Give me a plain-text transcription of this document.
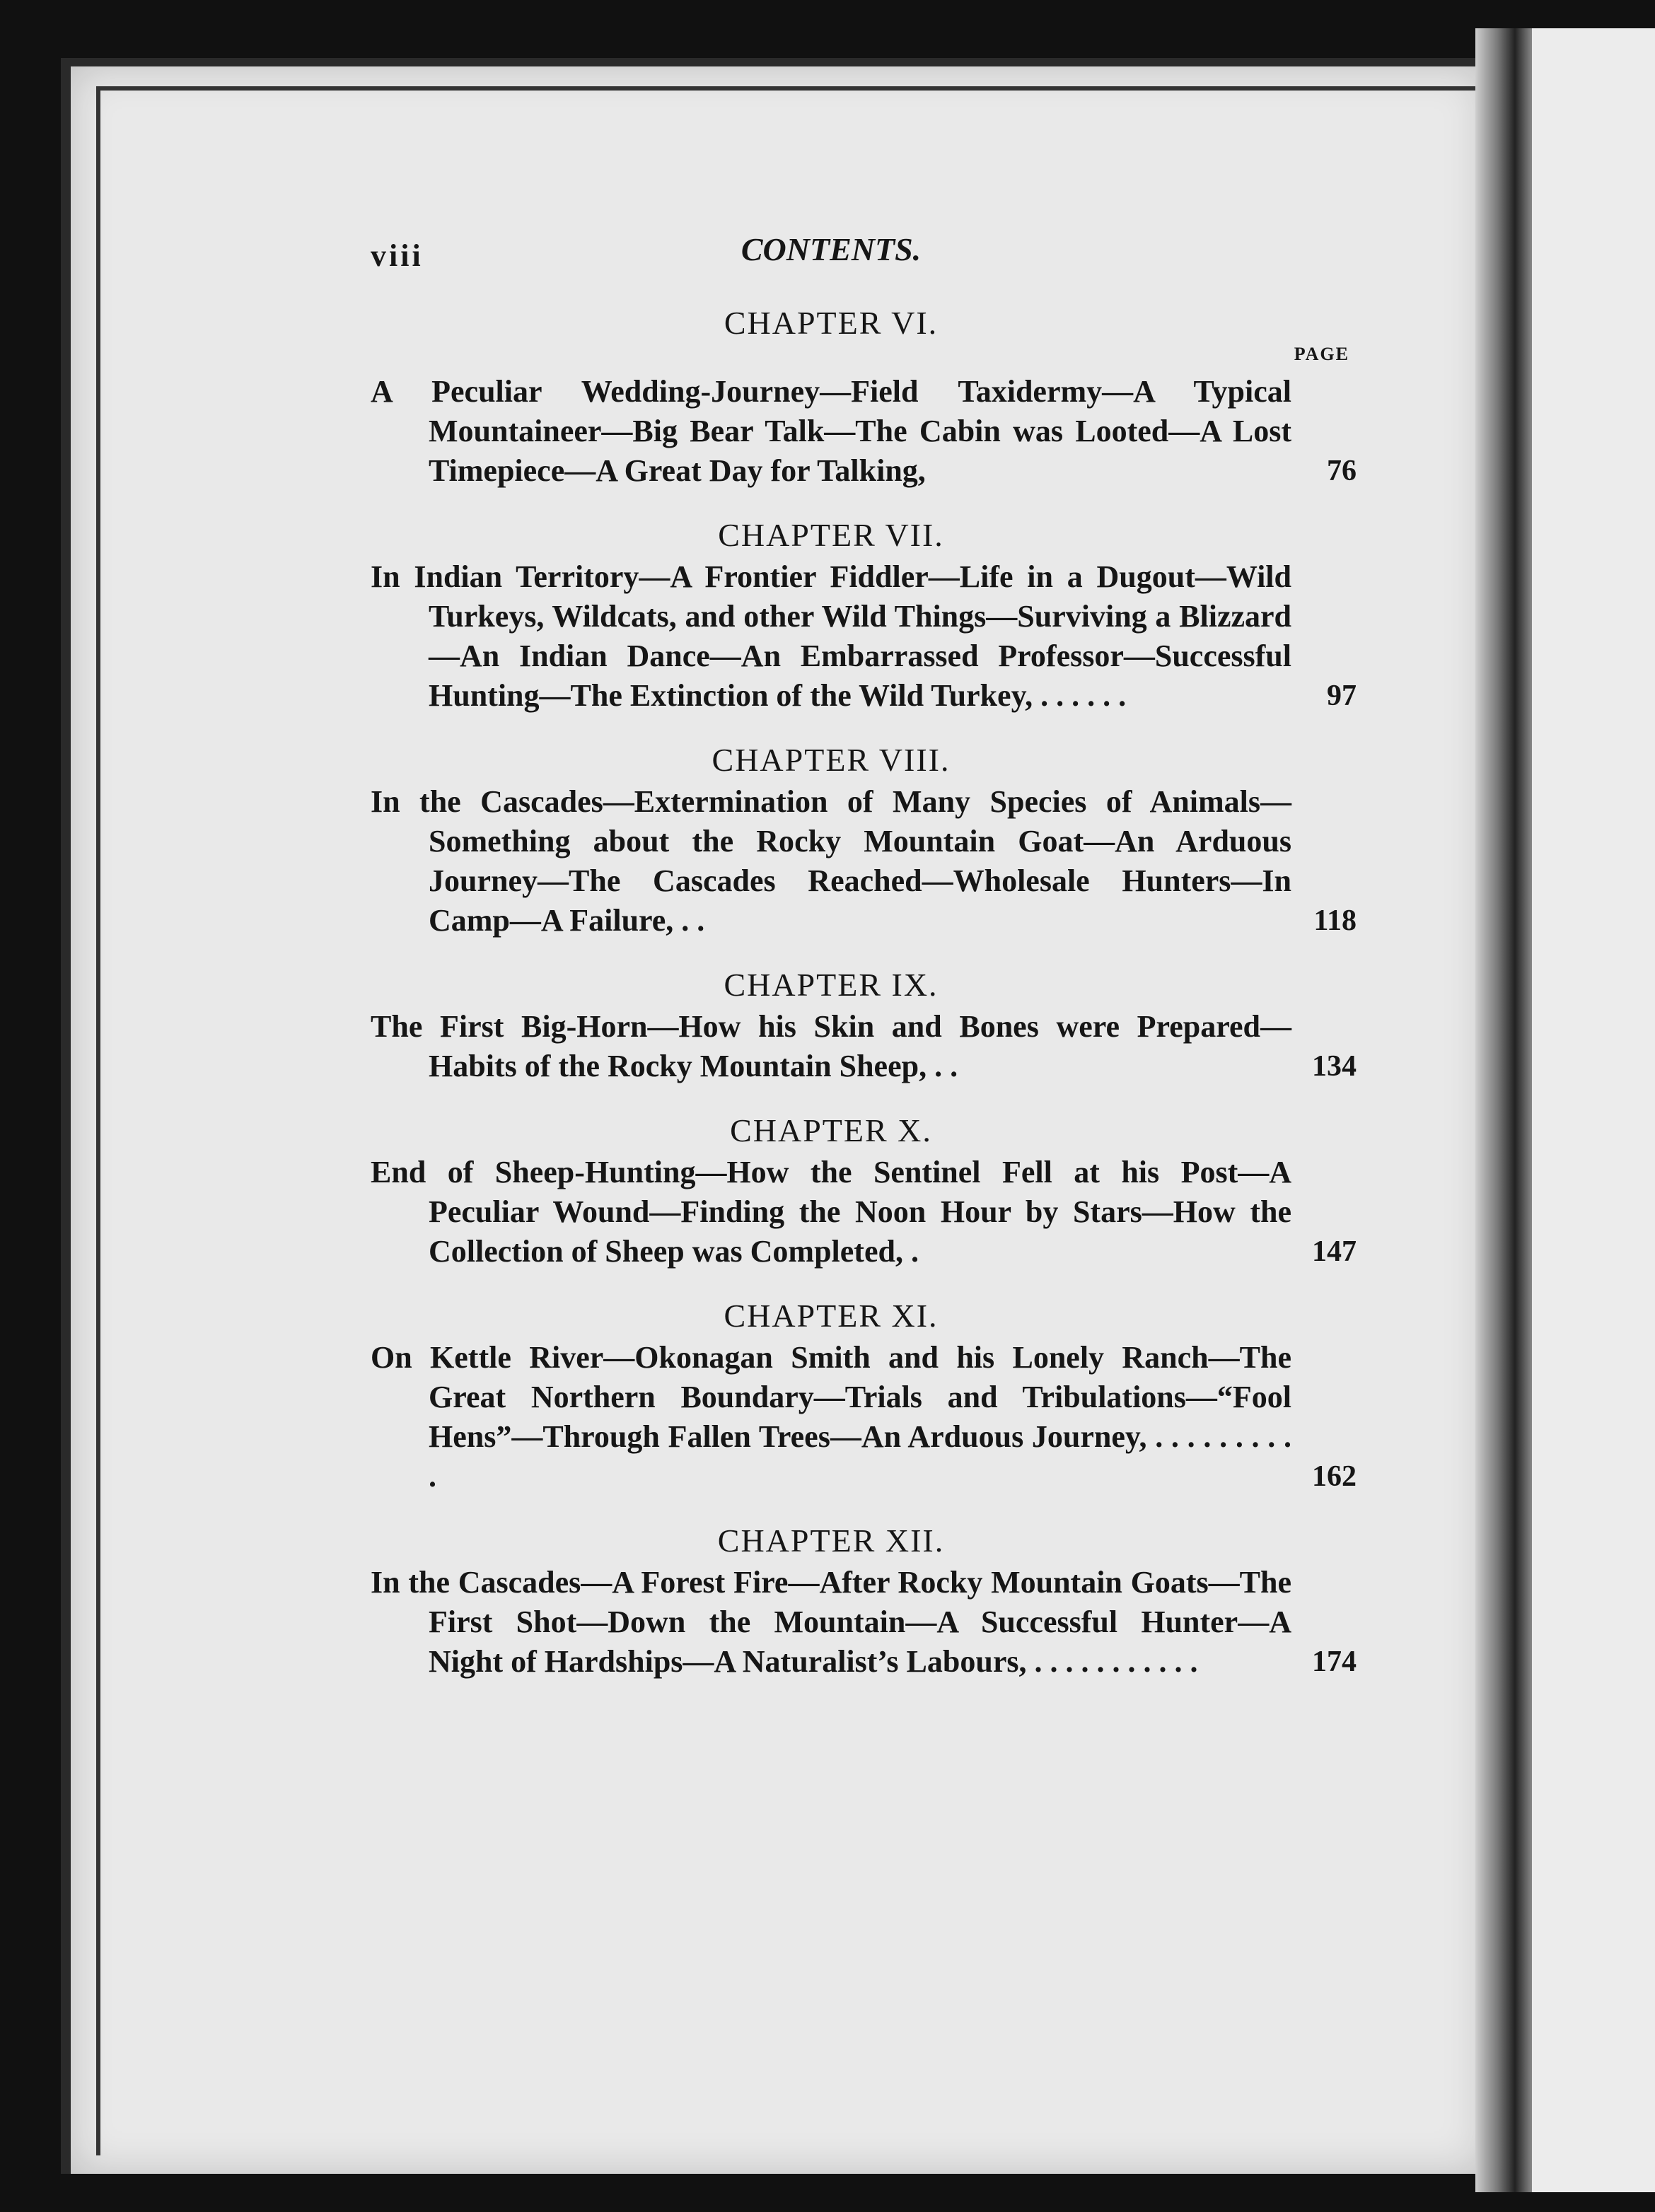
viii	CONTENTS.
CHAPTER VI.
PAGE
A Peculiar Wedding-Journey—Field Taxidermy—A Typical Mountaineer—Big Bear Talk—The Cabin was Looted—A Lost Timepiece—A Great Day for Talking,	76
CHAPTER VII.
In Indian Territory—A Frontier Fiddler—Life in a Dugout—Wild Turkeys, Wildcats, and other Wild Things—Surviving a Blizzard—An Indian Dance—An Embarrassed Professor—Successful Hunting—The Extinction of the Wild Turkey, . . . . . .	97
CHAPTER VIII.
In the Cascades—Extermination of Many Species of Animals—Something about the Rocky Mountain Goat—An Arduous Journey—The Cascades Reached—Wholesale Hunters—In Camp—A Failure, . .	118
CHAPTER IX.
The First Big-Horn—How his Skin and Bones were Prepared—Habits of the Rocky Mountain Sheep, . .	134
CHAPTER X.
End of Sheep-Hunting—How the Sentinel Fell at his Post—A Peculiar Wound—Finding the Noon Hour by Stars—How the Collection of Sheep was Completed, .	147
CHAPTER XI.
On Kettle River—Okonagan Smith and his Lonely Ranch—The Great Northern Boundary—Trials and Tribulations—“Fool Hens”—Through Fallen Trees—An Arduous Journey, . . . . . . . . . .	162
CHAPTER XII.
In the Cascades—A Forest Fire—After Rocky Mountain Goats—The First Shot—Down the Mountain—A Successful Hunter—A Night of Hardships—A Naturalist’s Labours, . . . . . . . . . . .	174
